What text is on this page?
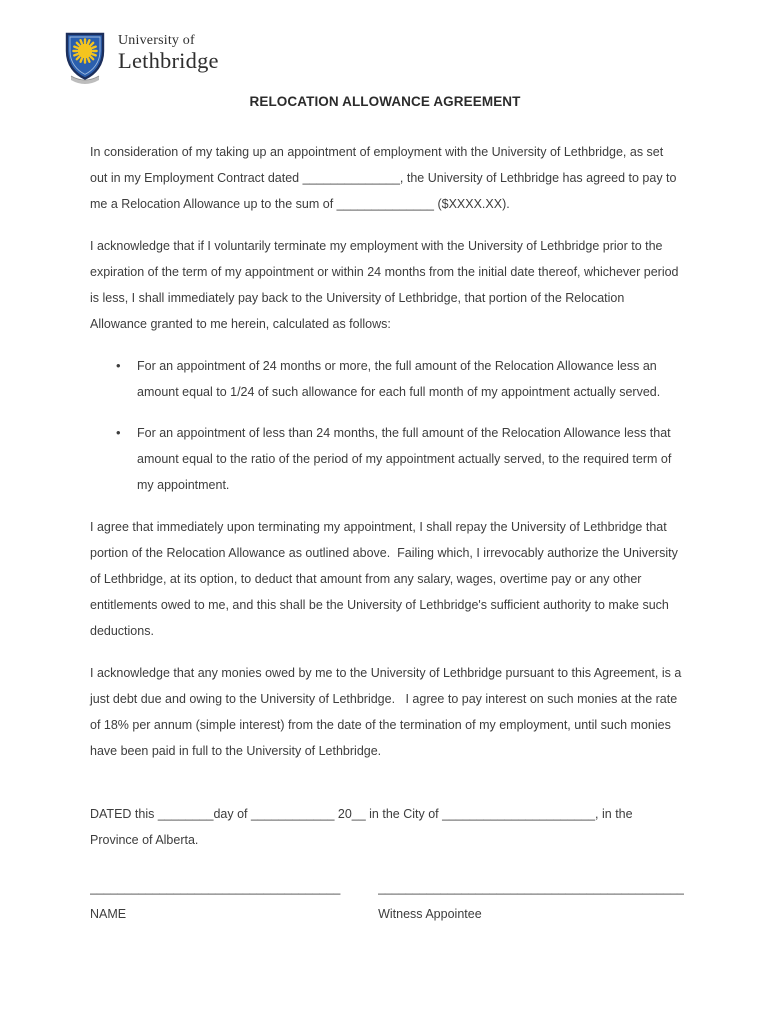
University of
Lethbridge
RELOCATION ALLOWANCE AGREEMENT

In consideration of my taking up an appointment of employment with the University of Lethbridge, as set out in my Employment Contract dated ______________, the University of Lethbridge has agreed to pay to me a Relocation Allowance up to the sum of ______________ ($XXXX.XX).

I acknowledge that if I voluntarily terminate my employment with the University of Lethbridge prior to the expiration of the term of my appointment or within 24 months from the initial date thereof, whichever period is less, I shall immediately pay back to the University of Lethbridge, that portion of the Relocation Allowance granted to me herein, calculated as follows:

• For an appointment of 24 months or more, the full amount of the Relocation Allowance less an amount equal to 1/24 of such allowance for each full month of my appointment actually served.
• For an appointment of less than 24 months, the full amount of the Relocation Allowance less that amount equal to the ratio of the period of my appointment actually served, to the required term of my appointment.

I agree that immediately upon terminating my appointment, I shall repay the University of Lethbridge that portion of the Relocation Allowance as outlined above.  Failing which, I irrevocably authorize the University of Lethbridge, at its option, to deduct that amount from any salary, wages, overtime pay or any other entitlements owed to me, and this shall be the University of Lethbridge's sufficient authority to make such deductions.

I acknowledge that any monies owed by me to the University of Lethbridge pursuant to this Agreement, is a just debt due and owing to the University of Lethbridge.   I agree to pay interest on such monies at the rate of 18% per annum (simple interest) from the date of the termination of my employment, until such monies have been paid in full to the University of Lethbridge.

DATED this ________day of ____________ 20__ in the City of ______________________, in the Province of Alberta.

____________________________________
NAME
____________________________________________
Witness Appointee
